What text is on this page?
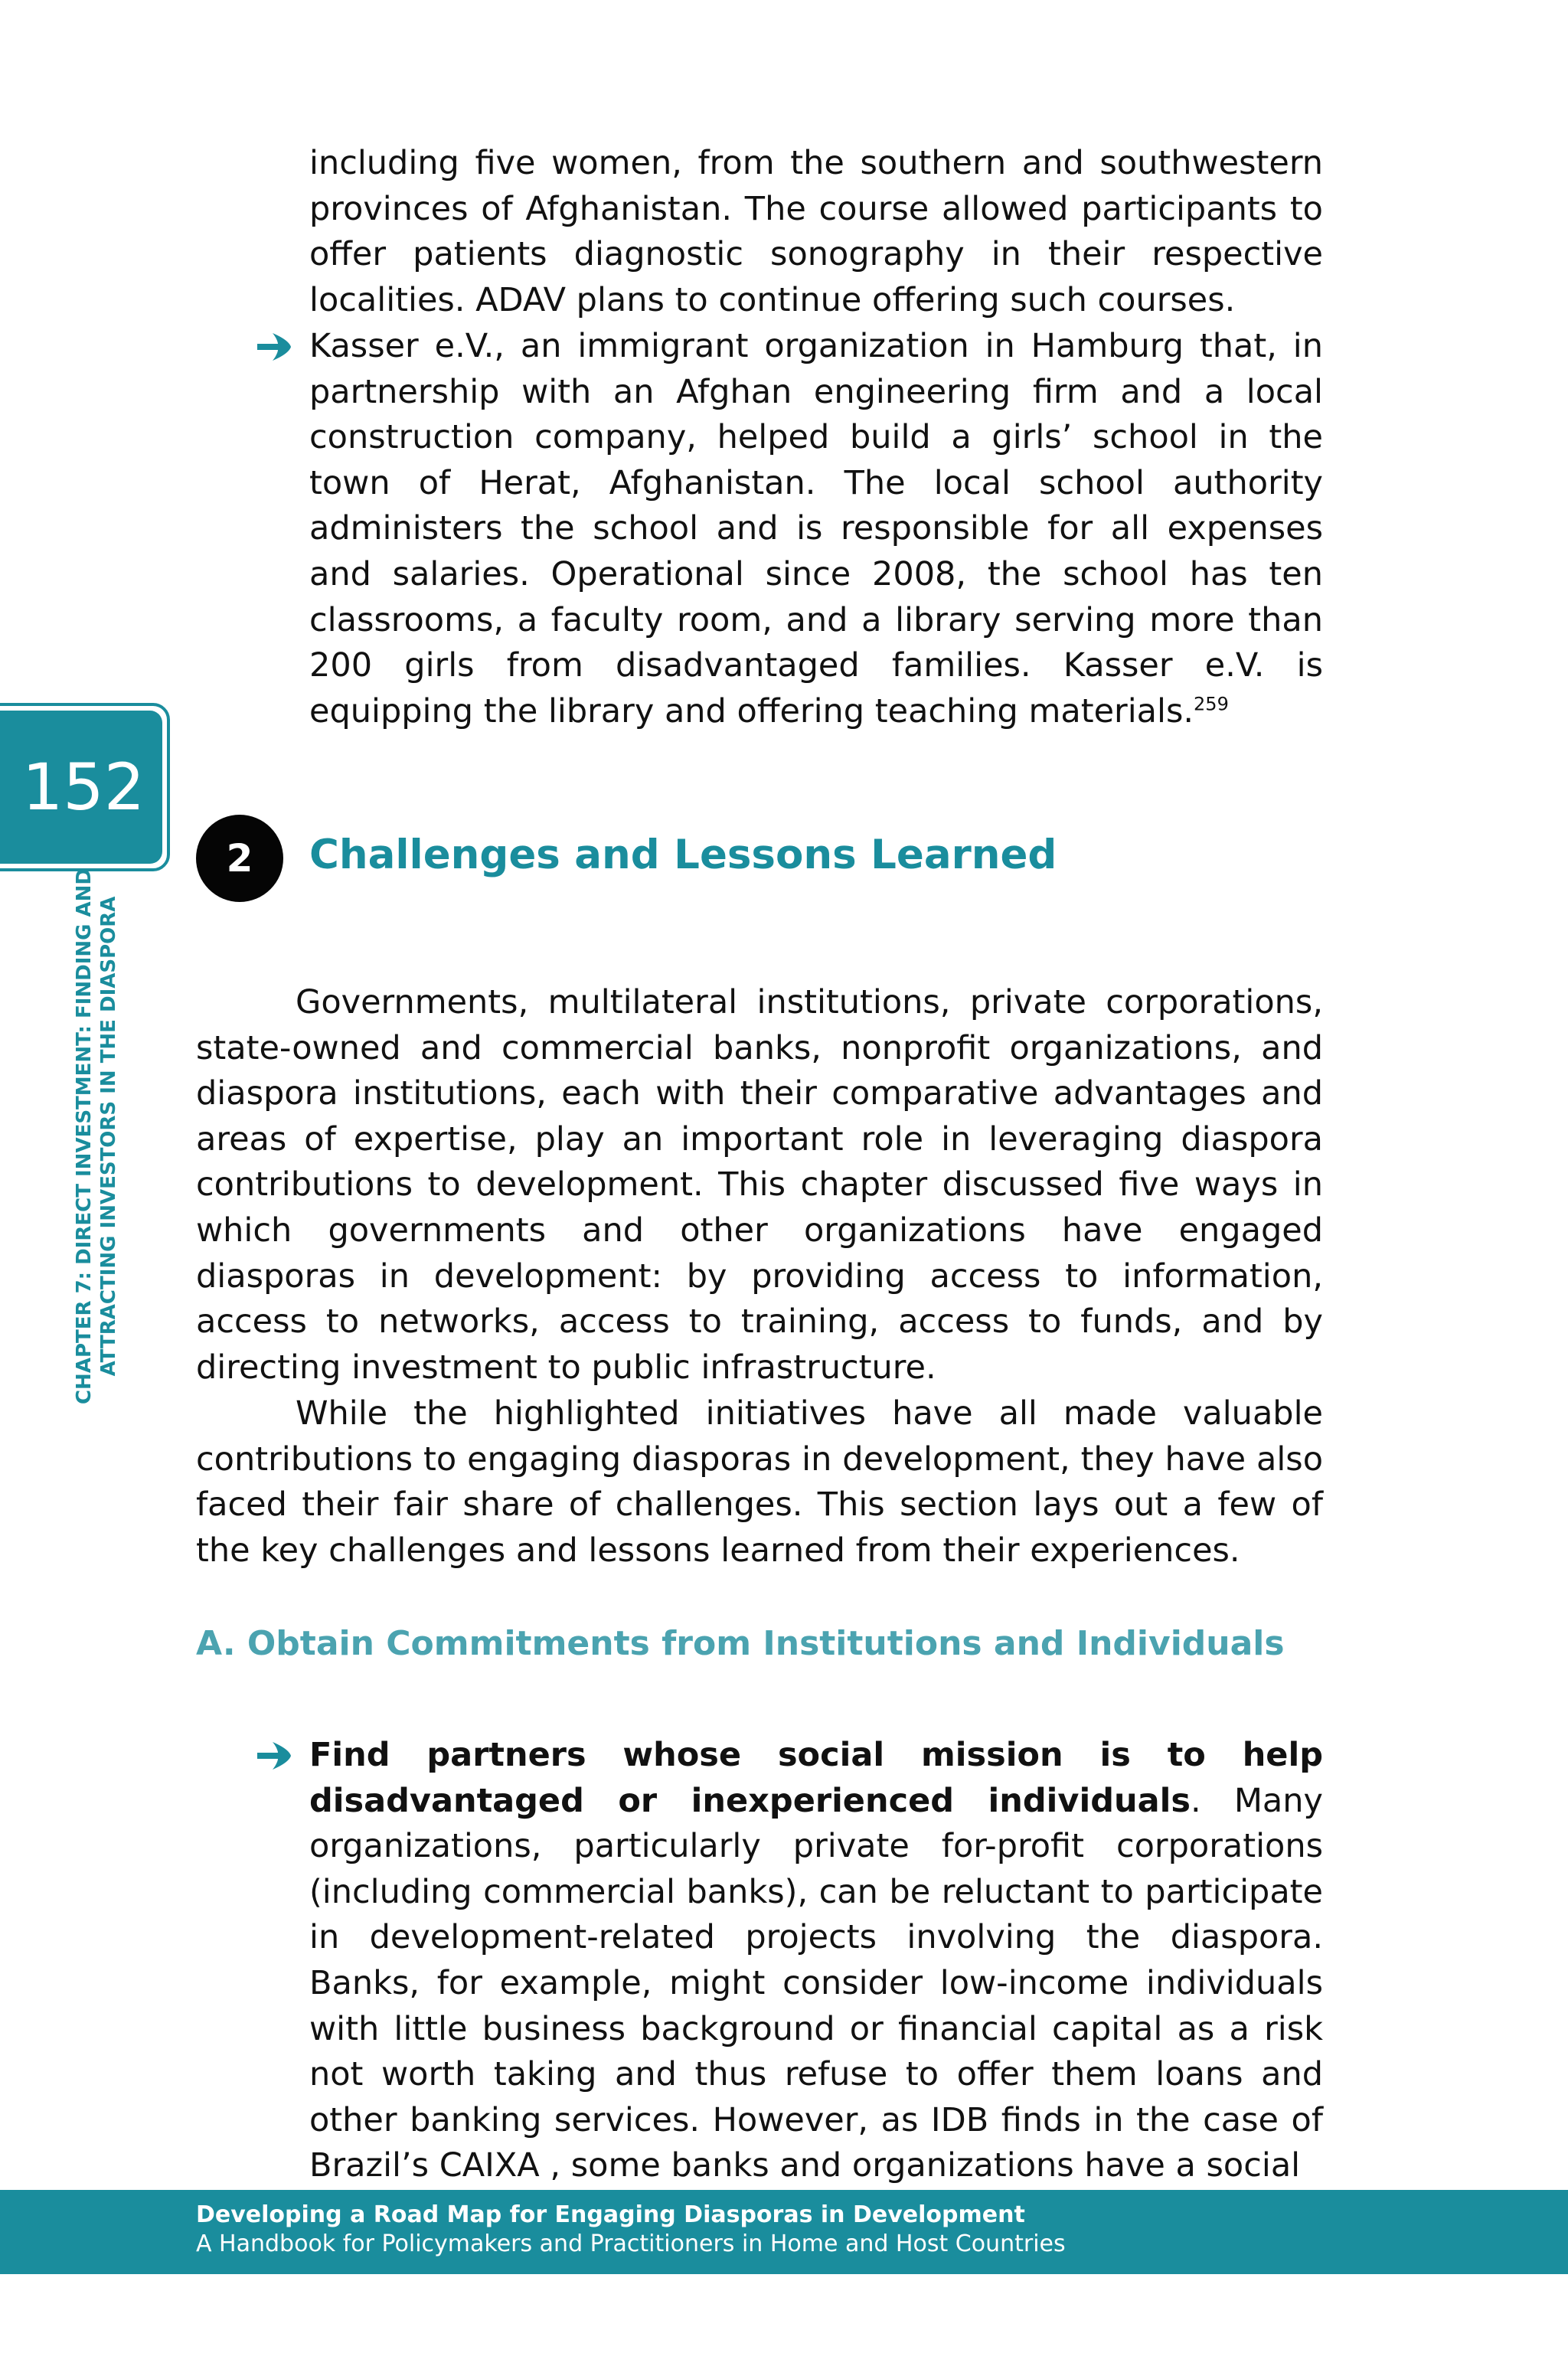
152
CHAPTER 7: DIRECT INVESTMENT: FINDING AND ATTRACTING INVESTORS IN THE DIASPORA

including five women, from the southern and southwestern provinces of Afghanistan. The course allowed participants to offer patients diagnostic sonography in their respective localities. ADAV plans to continue offering such courses.

Kasser e.V., an immigrant organization in Hamburg that, in partnership with an Afghan engineering firm and a local construction company, helped build a girls’ school in the town of Herat, Afghanistan. The local school authority administers the school and is responsible for all expenses and salaries. Operational since 2008, the school has ten classrooms, a faculty room, and a library serving more than 200 girls from disadvantaged families. Kasser e.V. is equipping the library and offering teaching materials.$^{259}$

2	Challenges and Lessons Learned

Governments, multilateral institutions, private corporations, state-owned and commercial banks, nonprofit organizations, and diaspora institutions, each with their comparative advantages and areas of expertise, play an important role in leveraging diaspora contributions to development. This chapter discussed five ways in which governments and other organizations have engaged diasporas in development: by providing access to information, access to networks, access to training, access to funds, and by directing investment to public infrastructure.

While the highlighted initiatives have all made valuable contributions to engaging diasporas in development, they have also faced their fair share of challenges. This section lays out a few of the key challenges and lessons learned from their experiences.

A. Obtain Commitments from Institutions and Individuals

Find partners whose social mission is to help disadvantaged or inexperienced individuals. Many organizations, particularly private for-profit corporations (including commercial banks), can be reluctant to participate in development-related projects involving the diaspora. Banks, for example, might consider low-income individuals with little business background or financial capital as a risk not worth taking and thus refuse to offer them loans and other banking services. However, as IDB finds in the case of Brazil’s CAIXA , some banks and organizations have a social

Developing a Road Map for Engaging Diasporas in Development
A Handbook for Policymakers and Practitioners in Home and Host Countries
